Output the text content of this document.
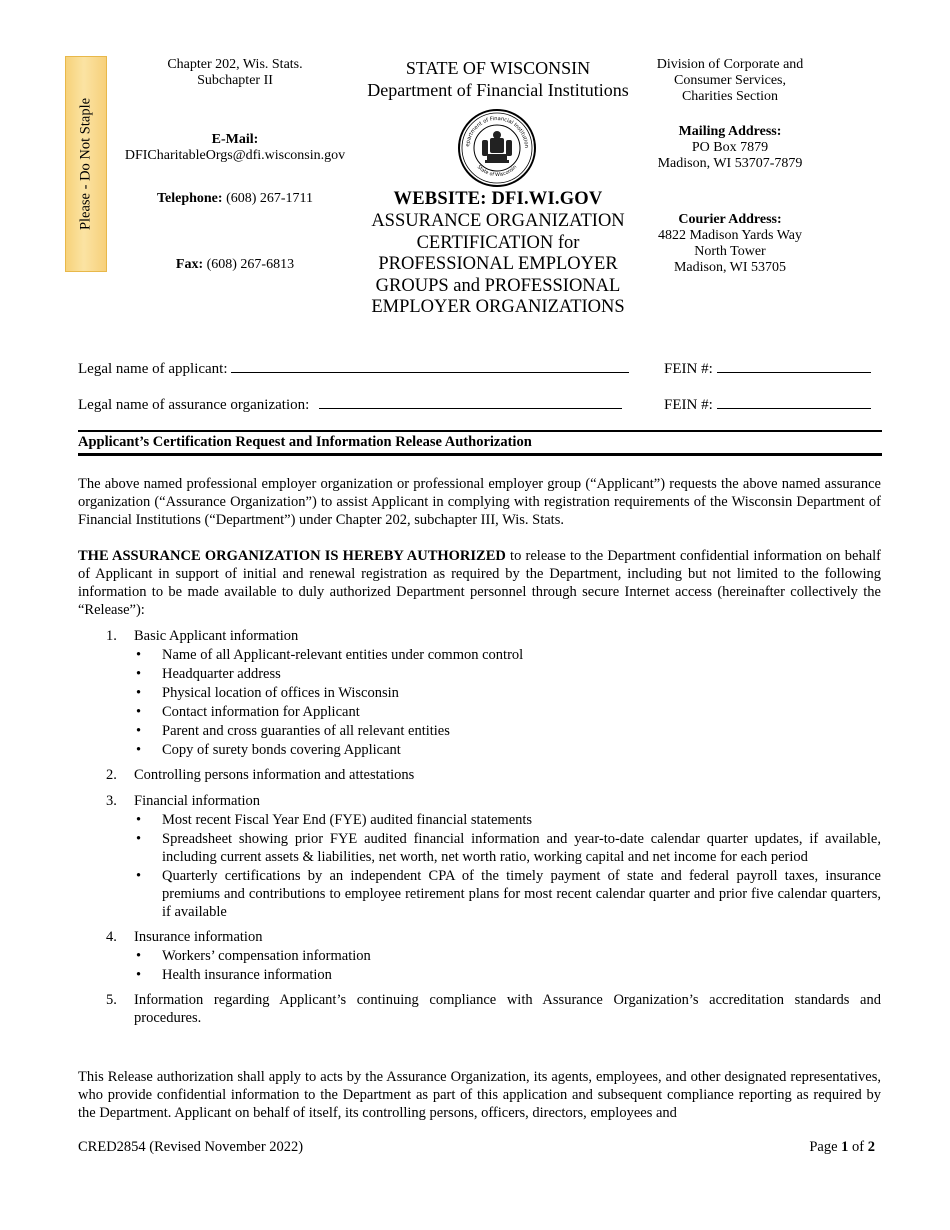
Please - Do Not Staple
Chapter 202, Wis. Stats.
Subchapter II
E-Mail:
DFICharitableOrgs@dfi.wisconsin.gov
Telephone: (608) 267-1711
Fax: (608) 267-6813
STATE OF WISCONSIN
Department of Financial Institutions
epartment of Financial Institution
State of Wisconsin
WEBSITE: DFI.WI.GOV
ASSURANCE ORGANIZATION
CERTIFICATION for
PROFESSIONAL EMPLOYER
GROUPS and PROFESSIONAL
EMPLOYER ORGANIZATIONS
Division of Corporate and
Consumer Services,
Charities Section
Mailing Address:
PO Box 7879
Madison, WI 53707-7879
Courier Address:
4822 Madison Yards Way
North Tower
Madison, WI 53705
Legal name of applicant:	FEIN #:
Legal name of assurance organization:	FEIN #:
Applicant’s Certification Request and Information Release Authorization
The above named professional employer organization or professional employer group (“Applicant”) requests the above named assurance organization (“Assurance Organization”) to assist Applicant in complying with registration requirements of the Wisconsin Department of Financial Institutions (“Department”) under Chapter 202, subchapter III, Wis. Stats.
THE ASSURANCE ORGANIZATION IS HEREBY AUTHORIZED to release to the Department confidential information on behalf of Applicant in support of initial and renewal registration as required by the Department, including but not limited to the following information to be made available to duly authorized Department personnel through secure Internet access (hereinafter collectively the “Release”):
1. Basic Applicant information
• Name of all Applicant-relevant entities under common control
• Headquarter address
• Physical location of offices in Wisconsin
• Contact information for Applicant
• Parent and cross guaranties of all relevant entities
• Copy of surety bonds covering Applicant
2. Controlling persons information and attestations
3. Financial information
• Most recent Fiscal Year End (FYE) audited financial statements
• Spreadsheet showing prior FYE audited financial information and year-to-date calendar quarter updates, if available, including current assets & liabilities, net worth, net worth ratio, working capital and net income for each period
• Quarterly certifications by an independent CPA of the timely payment of state and federal payroll taxes, insurance premiums and contributions to employee retirement plans for most recent calendar quarter and prior five calendar quarters, if available
4. Insurance information
• Workers’ compensation information
• Health insurance information
5. Information regarding Applicant’s continuing compliance with Assurance Organization’s accreditation standards and procedures.
This Release authorization shall apply to acts by the Assurance Organization, its agents, employees, and other designated representatives, who provide confidential information to the Department as part of this application and subsequent compliance reporting as required by the Department. Applicant on behalf of itself, its controlling persons, officers, directors, employees and
CRED2854 (Revised November 2022)	Page 1 of 2
